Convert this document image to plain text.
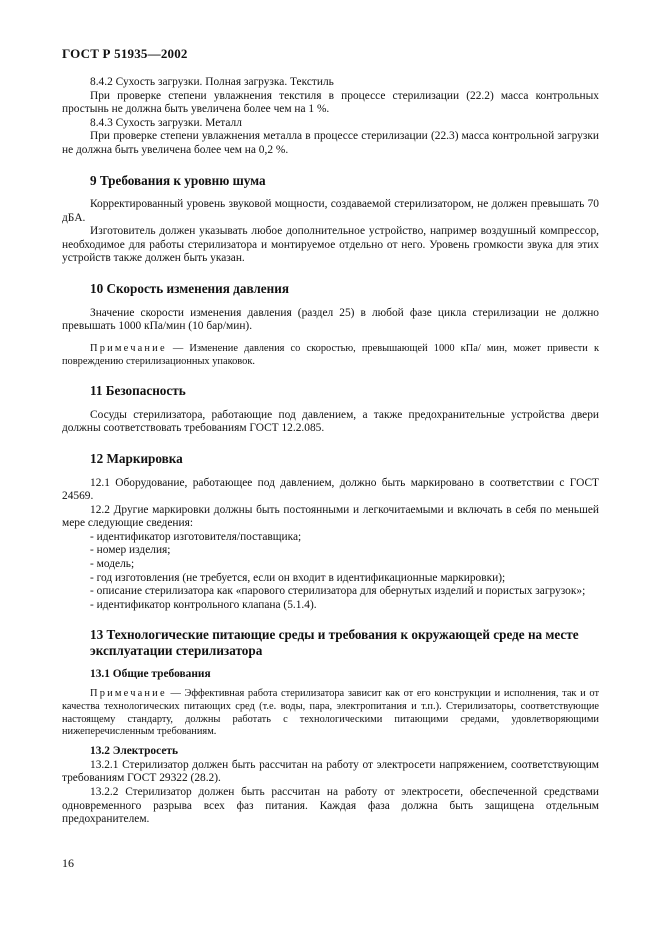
ГОСТ Р 51935—2002

8.4.2 Сухость загрузки. Полная загрузка. Текстиль

При проверке степени увлажнения текстиля в процессе стерилизации (22.2) масса контрольных простынь не должна быть увеличена более чем на 1 %.

8.4.3 Сухость загрузки. Металл

При проверке степени увлажнения металла в процессе стерилизации (22.3) масса контрольной загрузки не должна быть увеличена более чем на 0,2 %.

9 Требования к уровню шума

Корректированный уровень звуковой мощности, создаваемой стерилизатором, не должен превышать 70 дБA.

Изготовитель должен указывать любое дополнительное устройство, например воздушный компрессор, необходимое для работы стерилизатора и монтируемое отдельно от него. Уровень громкости звука для этих устройств также должен быть указан.

10 Скорость изменения давления

Значение скорости изменения давления (раздел 25) в любой фазе цикла стерилизации не должно превышать 1000 кПа/мин (10 бар/мин).

Примечание — Изменение давления со скоростью, превышающей 1000 кПа/ мин, может привести к повреждению стерилизационных упаковок.

11 Безопасность

Сосуды стерилизатора, работающие под давлением, а также предохранительные устройства двери должны соответствовать требованиям ГОСТ 12.2.085.

12 Маркировка

12.1 Оборудование, работающее под давлением, должно быть маркировано в соответствии с ГОСТ 24569.

12.2 Другие маркировки должны быть постоянными и легкочитаемыми и включать в себя по меньшей мере следующие сведения:

- идентификатор изготовителя/поставщика;

- номер изделия;

- модель;

- год изготовления (не требуется, если он входит в идентификационные маркировки);

- описание стерилизатора как «парового стерилизатора для обернутых изделий и пористых загрузок»;

- идентификатор контрольного клапана (5.1.4).

13 Технологические питающие среды и требования к окружающей среде на месте эксплуатации стерилизатора
13.1 Общие требования

Примечание — Эффективная работа стерилизатора зависит как от его конструкции и исполнения, так и от качества технологических питающих сред (т.е. воды, пара, электропитания и т.п.). Стерилизаторы, соответствующие настоящему стандарту, должны работать с технологическими питающими средами, удовлетворяющими нижеперечисленным требованиям.

13.2 Электросеть

13.2.1 Стерилизатор должен быть рассчитан на работу от электросети напряжением, соответствующим требованиям ГОСТ 29322 (28.2).

13.2.2 Стерилизатор должен быть рассчитан на работу от электросети, обеспеченной средствами одновременного разрыва всех фаз питания. Каждая фаза должна быть защищена отдельным предохранителем.

16
